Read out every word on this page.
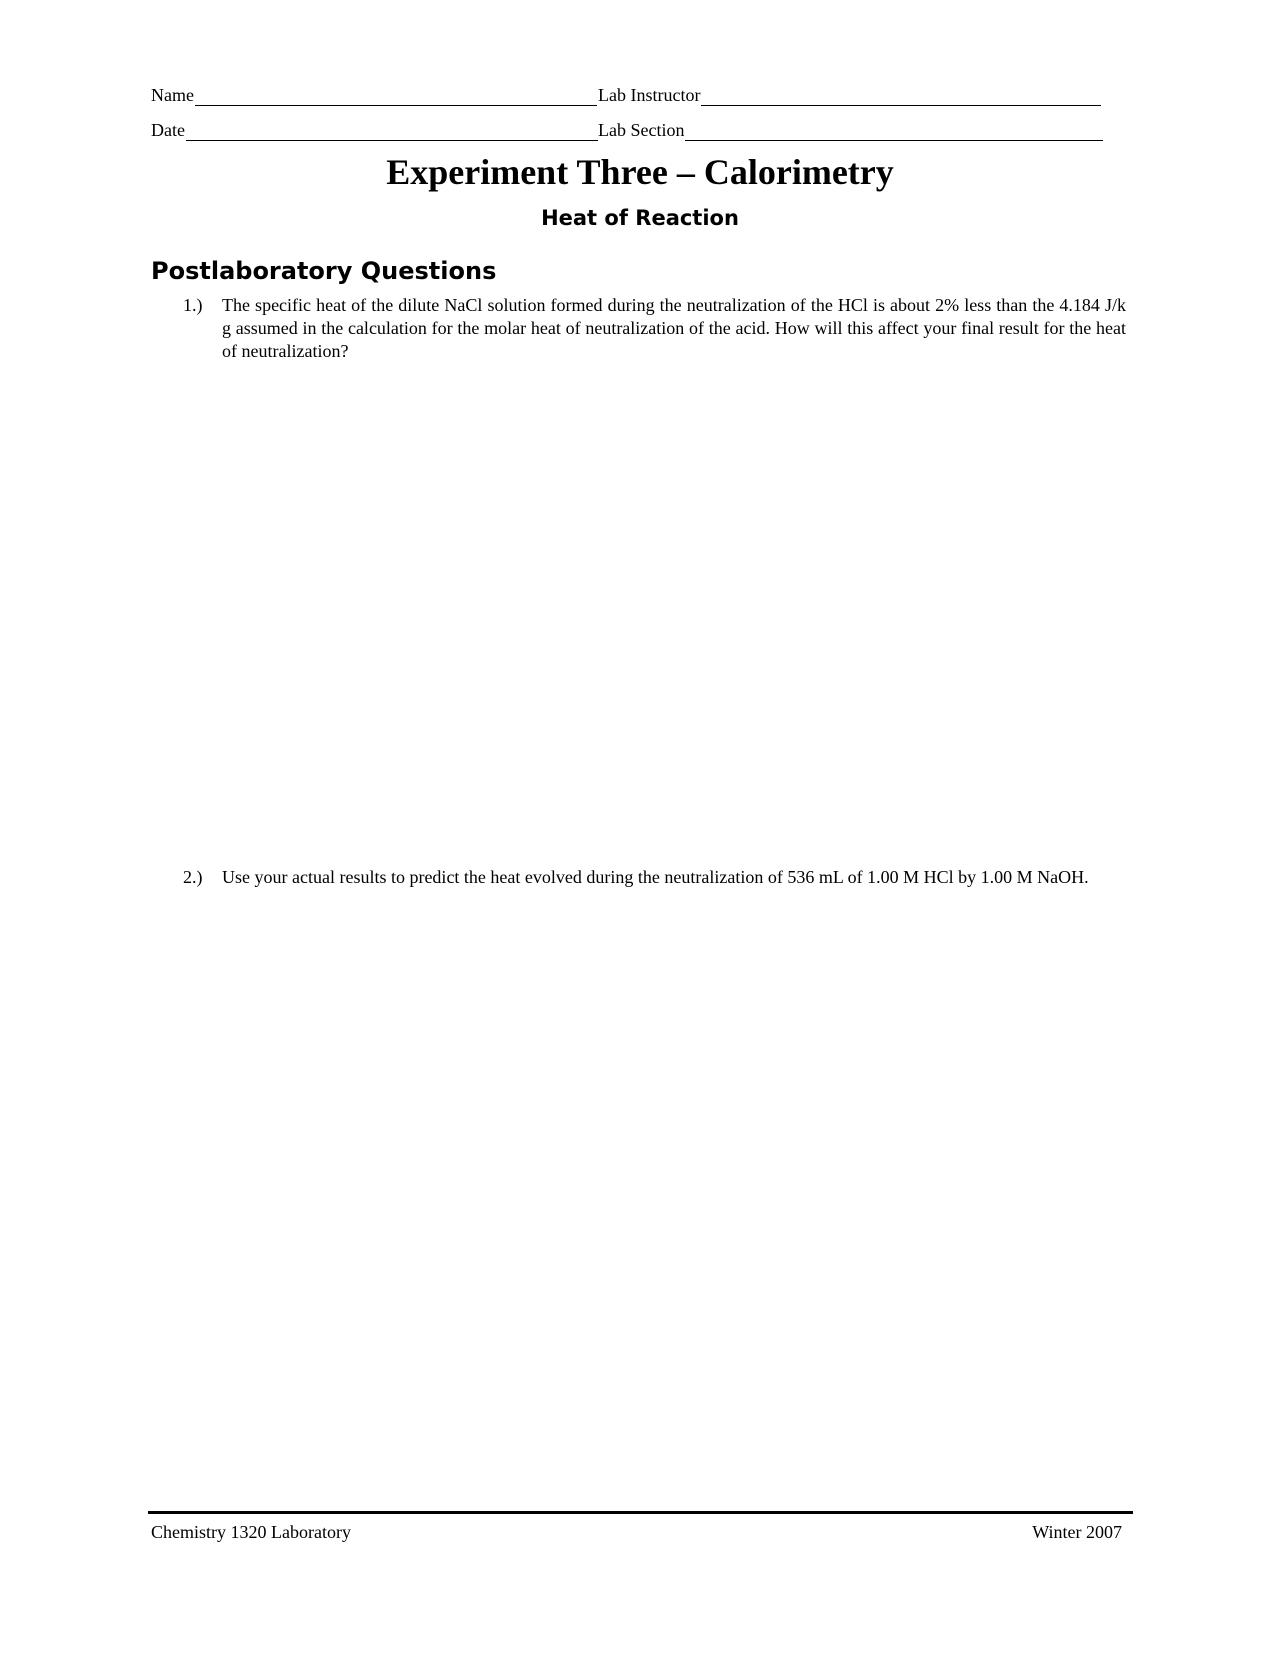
Name	Lab Instructor
Date	Lab Section
Experiment Three – Calorimetry
Heat of Reaction
Postlaboratory Questions
1.)	The specific heat of the dilute NaCl solution formed during the neutralization of the HCl is about 2% less than the 4.184 J/k g assumed in the calculation for the molar heat of neutralization of the acid. How will this affect your final result for the heat of neutralization?
2.)	Use your actual results to predict the heat evolved during the neutralization of 536 mL of 1.00 M HCl by 1.00 M NaOH.
Chemistry 1320 Laboratory	Winter 2007
